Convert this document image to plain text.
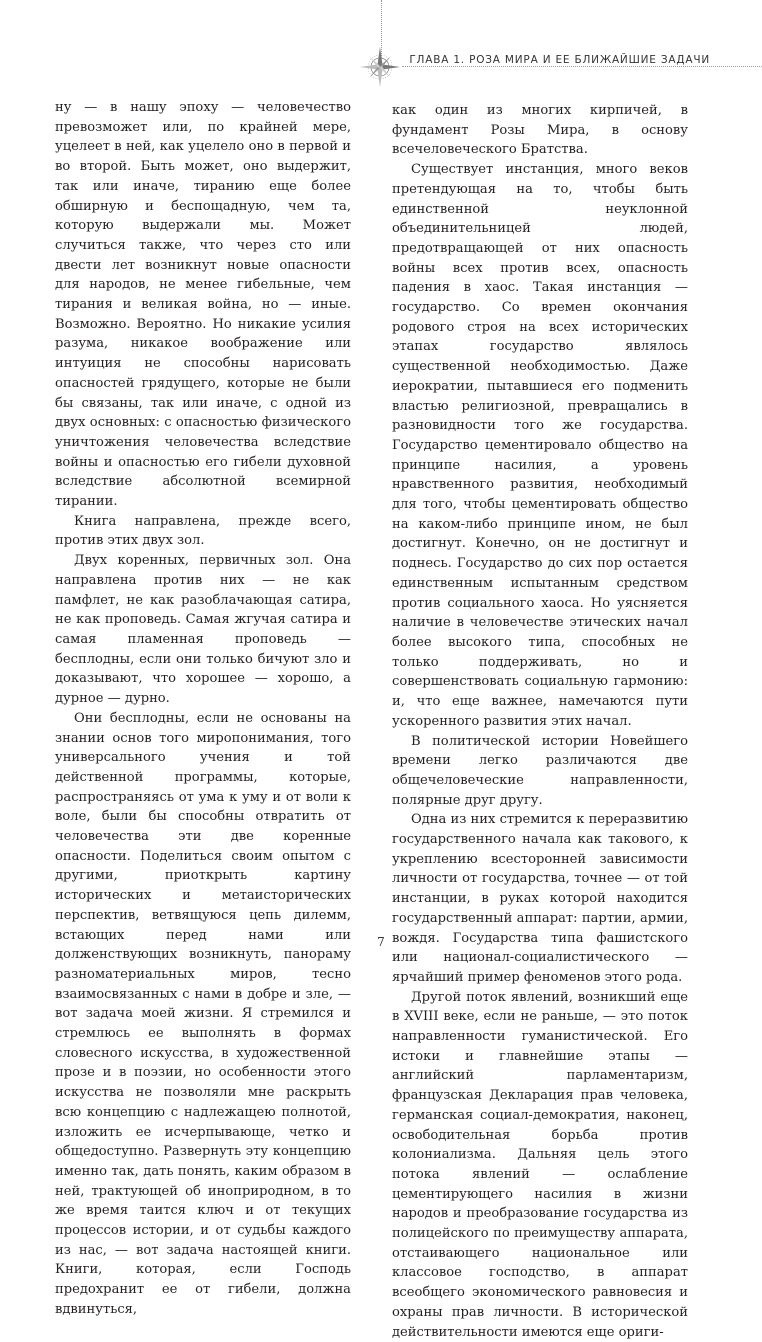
ГЛАВА 1. РОЗА МИРА И ЕЕ БЛИЖАЙШИЕ ЗАДАЧИ

ну — в нашу эпоху — человечество превозможет или, по крайней мере, уцелеет в ней, как уцелело оно в первой и во второй. Быть может, оно выдержит, так или иначе, тиранию еще более обширную и беспощадную, чем та, которую выдержали мы. Может случиться также, что через сто или двести лет возникнут новые опасности для народов, не менее гибельные, чем тирания и великая война, но — иные. Возможно. Вероятно. Но никакие усилия разума, никакое воображение или интуиция не способны нарисовать опасностей грядущего, которые не были бы связаны, так или иначе, с одной из двух основных: с опасностью физического уничтожения человечества вследствие войны и опасностью его гибели духовной вследствие абсолютной всемирной тирании.

Книга направлена, прежде всего, против этих двух зол.

Двух коренных, первичных зол. Она направлена против них — не как памфлет, не как разоблачающая сатира, не как проповедь. Самая жгучая сатира и самая пламенная проповедь — бесплодны, если они только бичуют зло и доказывают, что хорошее — хорошо, а дурное — дурно.

Они бесплодны, если не основаны на знании основ того миропонимания, того универсального учения и той действенной программы, которые, распространяясь от ума к уму и от воли к воле, были бы способны отвратить от человечества эти две коренные опасности. Поделиться своим опытом с другими, приоткрыть картину исторических и метаисторических перспектив, ветвящуюся цепь дилемм, встающих перед нами или долженствующих возникнуть, панораму разноматериальных миров, тесно взаимосвязанных с нами в добре и зле, — вот задача моей жизни. Я стремился и стремлюсь ее выполнять в формах словесного искусства, в художественной прозе и в поэзии, но особенности этого искусства не позволяли мне раскрыть всю концепцию с надлежащею полнотой, изложить ее исчерпывающе, четко и общедоступно. Развернуть эту концепцию именно так, дать понять, каким образом в ней, трактующей об иноприродном, в то же время таится ключ и от текущих процессов истории, и от судьбы каждого из нас, — вот задача настоящей книги. Книги, которая, если Господь предохранит ее от гибели, должна вдвинуться,

как один из многих кирпичей, в фундамент Розы Мира, в основу всечеловеческого Братства.

Существует инстанция, много веков претендующая на то, чтобы быть единственной неуклонной объединительницей людей, предотвращающей от них опасность войны всех против всех, опасность падения в хаос. Такая инстанция — государство. Со времен окончания родового строя на всех исторических этапах государство являлось существенной необходимостью. Даже иерократии, пытавшиеся его подменить властью религиозной, превращались в разновидности того же государства. Государство цементировало общество на принципе насилия, а уровень нравственного развития, необходимый для того, чтобы цементировать общество на каком-либо принципе ином, не был достигнут. Конечно, он не достигнут и поднесь. Государство до сих пор остается единственным испытанным средством против социального хаоса. Но уясняется наличие в человечестве этических начал более высокого типа, способных не только поддерживать, но и совершенствовать социальную гармонию: и, что еще важнее, намечаются пути ускоренного развития этих начал.

В политической истории Новейшего времени легко различаются две общечеловеческие направленности, полярные друг другу.

Одна из них стремится к переразвитию государственного начала как такового, к укреплению всесторонней зависимости личности от государства, точнее — от той инстанции, в руках которой находится государственный аппарат: партии, армии, вождя. Государства типа фашистского или национал-социалистического — ярчайший пример феноменов этого рода.

Другой поток явлений, возникший еще в XVIII веке, если не раньше, — это поток направленности гуманистической. Его истоки и главнейшие этапы — английский парламентаризм, французская Декларация прав человека, германская социал-демократия, наконец, освободительная борьба против колониализма. Дальняя цель этого потока явлений — ослабление цементирующего насилия в жизни народов и преобразование государства из полицейского по преимуществу аппарата, отстаивающего национальное или классовое господство, в аппарат всеобщего экономического равновесия и охраны прав личности. В исторической действительности имеются еще ориги-

7
